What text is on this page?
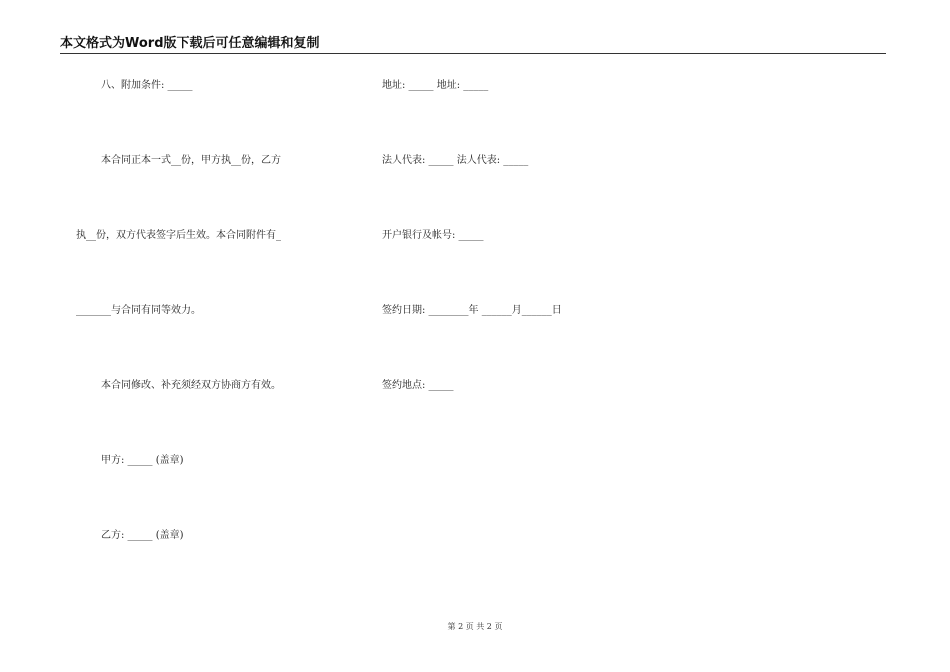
本文格式为Word版下载后可任意编辑和复制
八、附加条件: _____
本合同正本一式__份，甲方执__份，乙方
执__份，双方代表签字后生效。本合同附件有_
_______与合同有同等效力。
本合同修改、补充须经双方协商方有效。
甲方: _____ (盖章)
乙方: _____ (盖章)
地址: _____ 地址: _____
法人代表: _____ 法人代表: _____
开户银行及帐号: _____
签约日期: ________年 ______月______日
签约地点: _____
第 2 页 共 2 页
